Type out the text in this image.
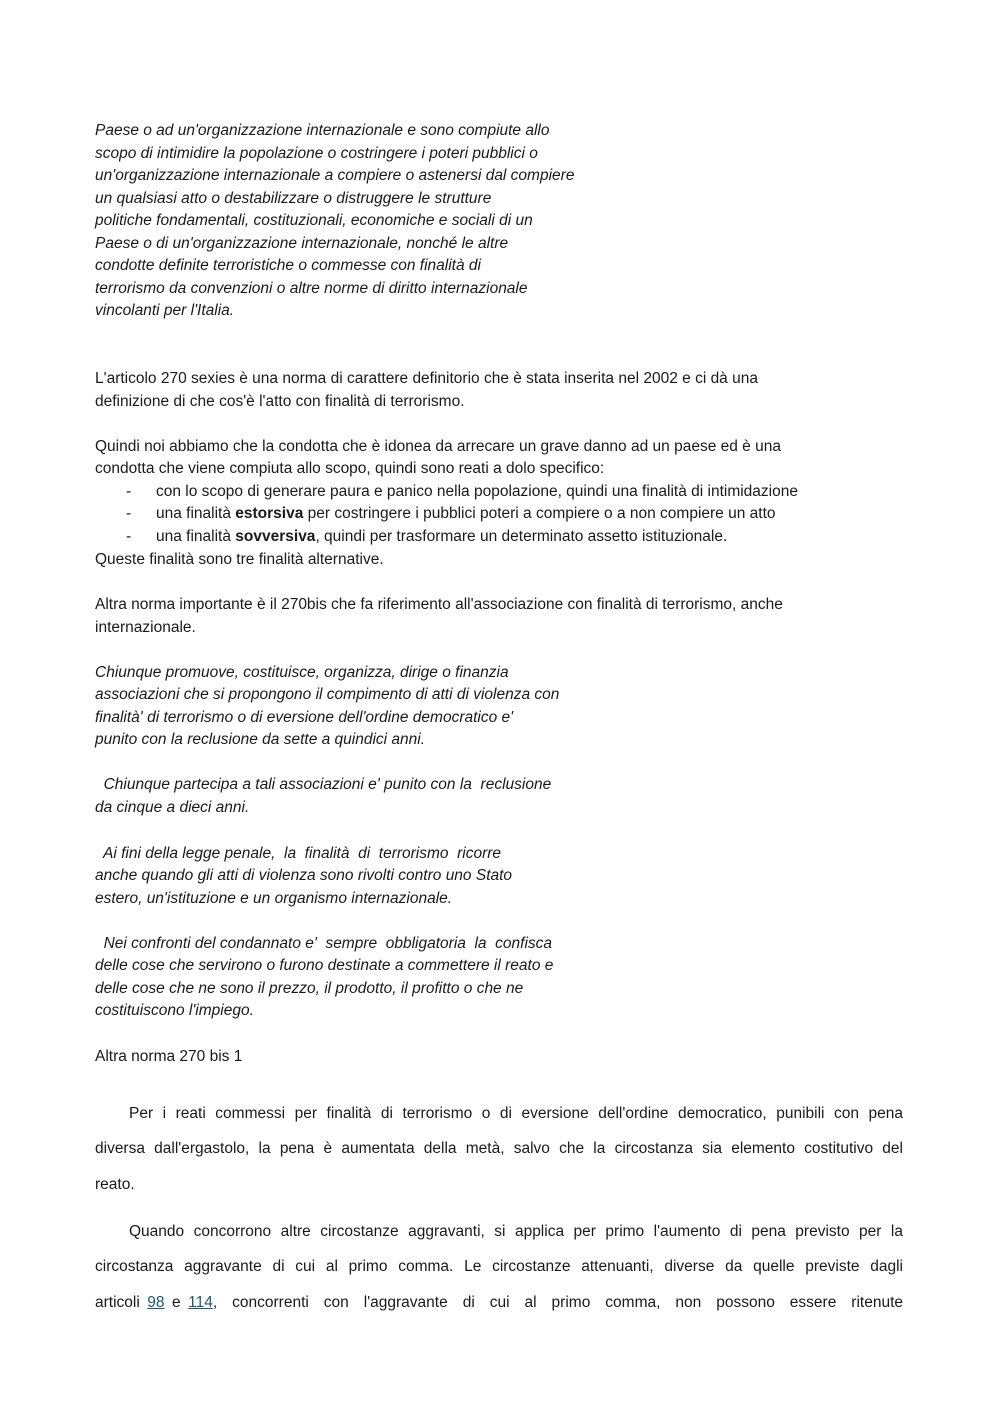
Paese o ad un'organizzazione internazionale e sono compiute allo

scopo di intimidire la popolazione o costringere i poteri pubblici o

un'organizzazione internazionale a compiere o astenersi dal compiere

un qualsiasi atto o destabilizzare o distruggere le strutture

politiche fondamentali, costituzionali, economiche e sociali di un

Paese o di un'organizzazione internazionale, nonché le altre

condotte definite terroristiche o commesse con finalità di

terrorismo da convenzioni o altre norme di diritto internazionale

vincolanti per l'Italia.

L'articolo 270 sexies è una norma di carattere definitorio che è stata inserita nel 2002 e ci dà una

definizione di che cos'è l'atto con finalità di terrorismo.

Quindi noi abbiamo che la condotta che è idonea da arrecare un grave danno ad un paese ed è una

condotta che viene compiuta allo scopo, quindi sono reati a dolo specifico:

- con lo scopo di generare paura e panico nella popolazione, quindi una finalità di intimidazione

- una finalità estorsiva per costringere i pubblici poteri a compiere o a non compiere un atto

- una finalità sovversiva, quindi per trasformare un determinato assetto istituzionale.

Queste finalità sono tre finalità alternative.

Altra norma importante è il 270bis che fa riferimento all'associazione con finalità di terrorismo, anche

internazionale.

Chiunque promuove, costituisce, organizza, dirige o finanzia

associazioni che si propongono il compimento di atti di violenza con

finalità' di terrorismo o di eversione dell'ordine democratico e'

punito con la reclusione da sette a quindici anni.

Chiunque partecipa a tali associazioni e' punito con la  reclusione

da cinque a dieci anni.

Ai fini della legge penale,  la  finalità  di  terrorismo  ricorre

anche quando gli atti di violenza sono rivolti contro uno Stato

estero, un'istituzione e un organismo internazionale.

Nei confronti del condannato e'  sempre  obbligatoria  la  confisca

delle cose che servirono o furono destinate a commettere il reato e

delle cose che ne sono il prezzo, il prodotto, il profitto o che ne

costituiscono l'impiego.

Altra norma 270 bis 1

Per i reati commessi per finalità di terrorismo o di eversione dell'ordine democratico, punibili con pena

diversa dall'ergastolo, la pena è aumentata della metà, salvo che la circostanza sia elemento costitutivo del

reato.

Quando concorrono altre circostanze aggravanti, si applica per primo l'aumento di pena previsto per la

circostanza aggravante di cui al primo comma. Le circostanze attenuanti, diverse da quelle previste dagli

articoli 98 e 114,  concorrenti  con  l'aggravante  di  cui  al  primo  comma,  non  possono  essere  ritenute
